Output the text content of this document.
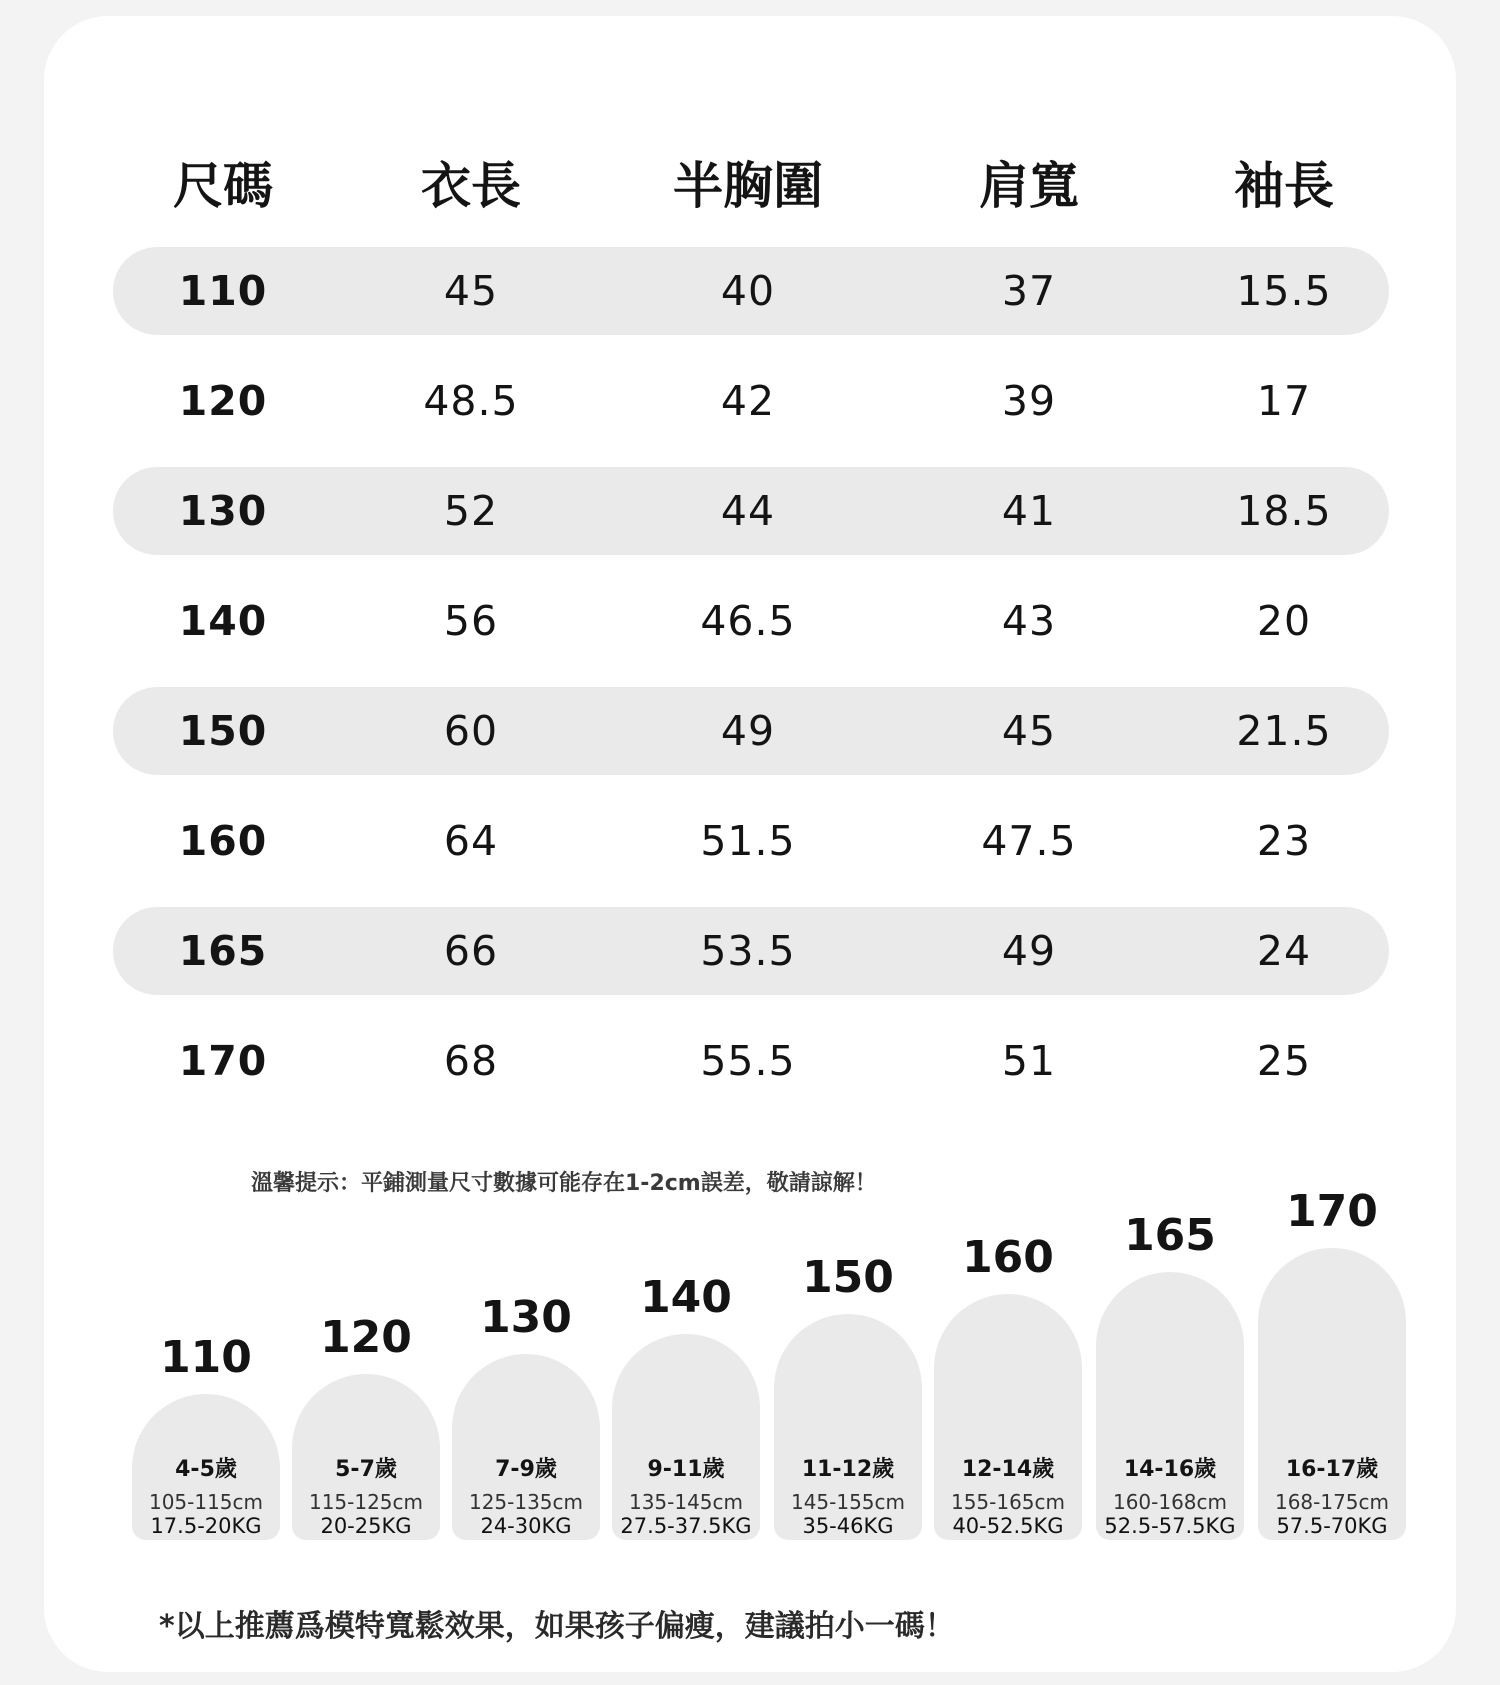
尺碼	衣長	半胸圍	肩寬	袖長
110	45	40	37	15.5
120	48.5	42	39	17
130	52	44	41	18.5
140	56	46.5	43	20
150	60	49	45	21.5
160	64	51.5	47.5	23
165	66	53.5	49	24
170	68	55.5	51	25
溫馨提示：平鋪測量尺寸數據可能存在1-2cm誤差，敬請諒解！
110
4-5歲
105-115cm
17.5-20KG
120
5-7歲
115-125cm
20-25KG
130
7-9歲
125-135cm
24-30KG
140
9-11歲
135-145cm
27.5-37.5KG
150
11-12歲
145-155cm
35-46KG
160
12-14歲
155-165cm
40-52.5KG
165
14-16歲
160-168cm
52.5-57.5KG
170
16-17歲
168-175cm
57.5-70KG
*以上推薦爲模特寬鬆效果，如果孩子偏瘦，建議拍小一碼！
